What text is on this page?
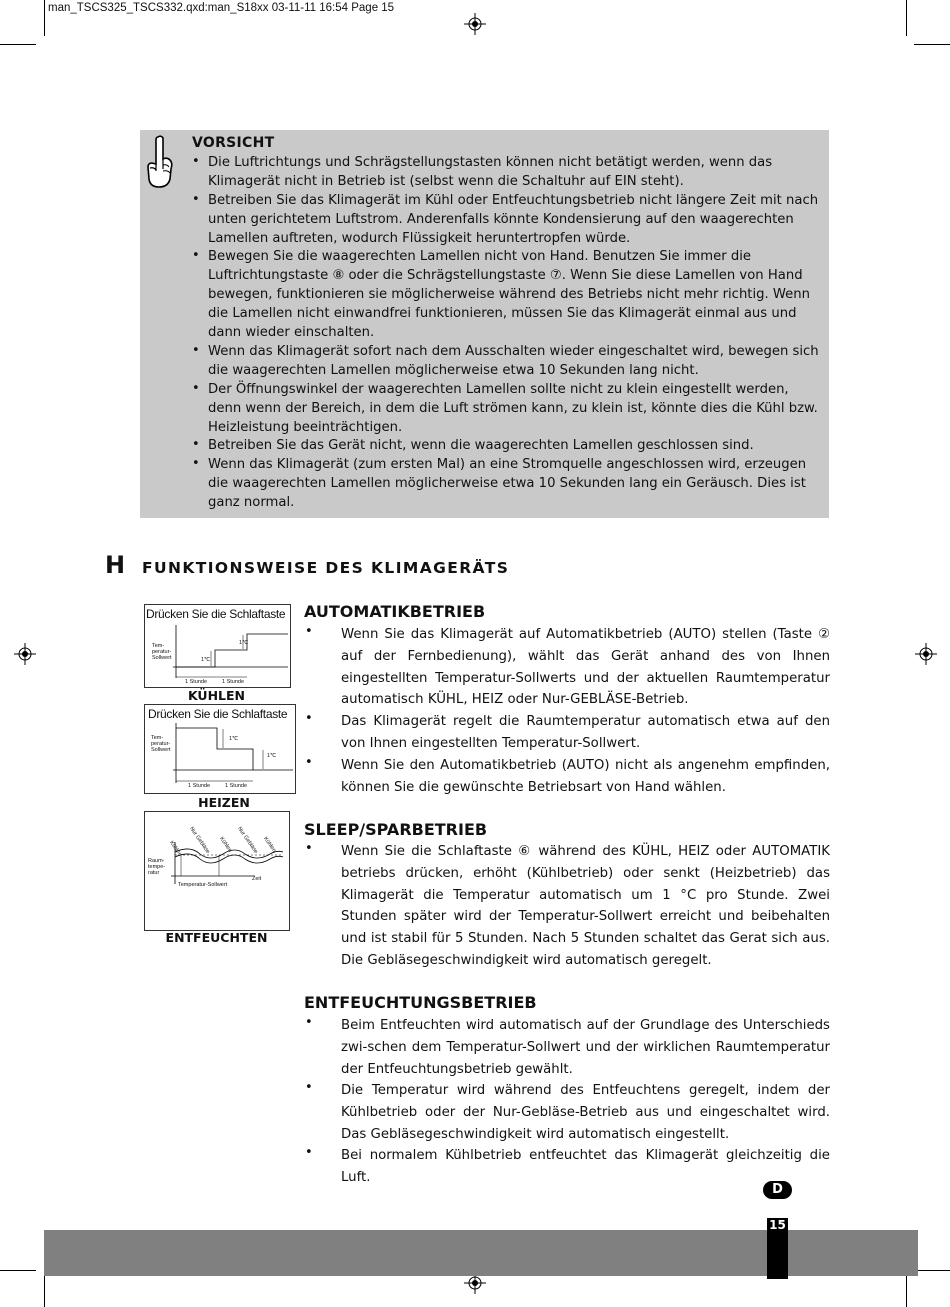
man_TSCS325_TSCS332.qxd:man_S18xx 03-11-11 16:54 Page 15
VORSICHT
• Die Luftrichtungs und Schrägstellungstasten können nicht betätigt werden, wenn das Klimagerät nicht in Betrieb ist (selbst wenn die Schaltuhr auf EIN steht).
• Betreiben Sie das Klimagerät im Kühl oder Entfeuchtungsbetrieb nicht längere Zeit mit nach unten gerichtetem Luftstrom. Anderenfalls könnte Kondensierung auf den waagerechten Lamellen auftreten, wodurch Flüssigkeit heruntertropfen würde.
• Bewegen Sie die waagerechten Lamellen nicht von Hand. Benutzen Sie immer die Luftrichtungstaste ⑧ oder die Schrägstellungstaste ⑦. Wenn Sie diese Lamellen von Hand bewegen, funktionieren sie möglicherweise während des Betriebs nicht mehr richtig. Wenn die Lamellen nicht einwandfrei funktionieren, müssen Sie das Klimagerät einmal aus und dann wieder einschalten.
• Wenn das Klimagerät sofort nach dem Ausschalten wieder eingeschaltet wird, bewegen sich die waagerechten Lamellen möglicherweise etwa 10 Sekunden lang nicht.
• Der Öffnungswinkel der waagerechten Lamellen sollte nicht zu klein eingestellt werden, denn wenn der Bereich, in dem die Luft strömen kann, zu klein ist, könnte dies die Kühl bzw. Heizleistung beeinträchtigen.
• Betreiben Sie das Gerät nicht, wenn die waagerechten Lamellen geschlossen sind.
• Wenn das Klimagerät (zum ersten Mal) an eine Stromquelle angeschlossen wird, erzeugen die waagerechten Lamellen möglicherweise etwa 10 Sekunden lang ein Geräusch. Dies ist ganz normal.
H FUNKTIONSWEISE DES KLIMAGERÄTS
Drücken Sie die Schlaftaste
Tem-
peratur-
Sollwert	1℃
1℃
1 Stunde	1 Stunde
KÜHLEN
Drücken Sie die Schlaftaste
Tem-
peratur-
Sollwert
1℃
1℃
1 Stunde	1 Stunde
HEIZEN
Kühlen Nur Gebläse Kühlen Nur Gebläse Kühlen
Raum-
tempe-
ratur
Temperatur-Sollwert
Zeit
ENTFEUCHTEN
AUTOMATIKBETRIEB
• Wenn Sie das Klimagerät auf Automatikbetrieb (AUTO) stellen (Taste ② auf der Fernbedienung), wählt das Gerät anhand des von Ihnen eingestellten Temperatur-Sollwerts und der aktuellen Raumtemperatur automatisch KÜHL, HEIZ oder Nur-GEBLÄSE-Betrieb.
• Das Klimagerät regelt die Raumtemperatur automatisch etwa auf den von Ihnen eingestellten Temperatur-Sollwert.
• Wenn Sie den Automatikbetrieb (AUTO) nicht als angenehm empfinden, können Sie die gewünschte Betriebsart von Hand wählen.
SLEEP/SPARBETRIEB
• Wenn Sie die Schlaftaste ⑥ während des KÜHL, HEIZ oder AUTOMATIK betriebs drücken, erhöht (Kühlbetrieb) oder senkt (Heizbetrieb) das Klimagerät die Temperatur automatisch um 1 °C pro Stunde. Zwei Stunden später wird der Temperatur-Sollwert erreicht und beibehalten und ist stabil für 5 Stunden. Nach 5 Stunden schaltet das Gerat sich aus. Die Gebläsegeschwindigkeit wird automatisch geregelt.
ENTFEUCHTUNGSBETRIEB
• Beim Entfeuchten wird automatisch auf der Grundlage des Unterschieds zwi-schen dem Temperatur-Sollwert und der wirklichen Raumtemperatur der Entfeuchtungsbetrieb gewählt.
• Die Temperatur wird während des Entfeuchtens geregelt, indem der Kühlbetrieb oder der Nur-Gebläse-Betrieb aus und eingeschaltet wird. Das Gebläsegeschwindigkeit wird automatisch eingestellt.
• Bei normalem Kühlbetrieb entfeuchtet das Klimagerät gleichzeitig die Luft.
D
15
